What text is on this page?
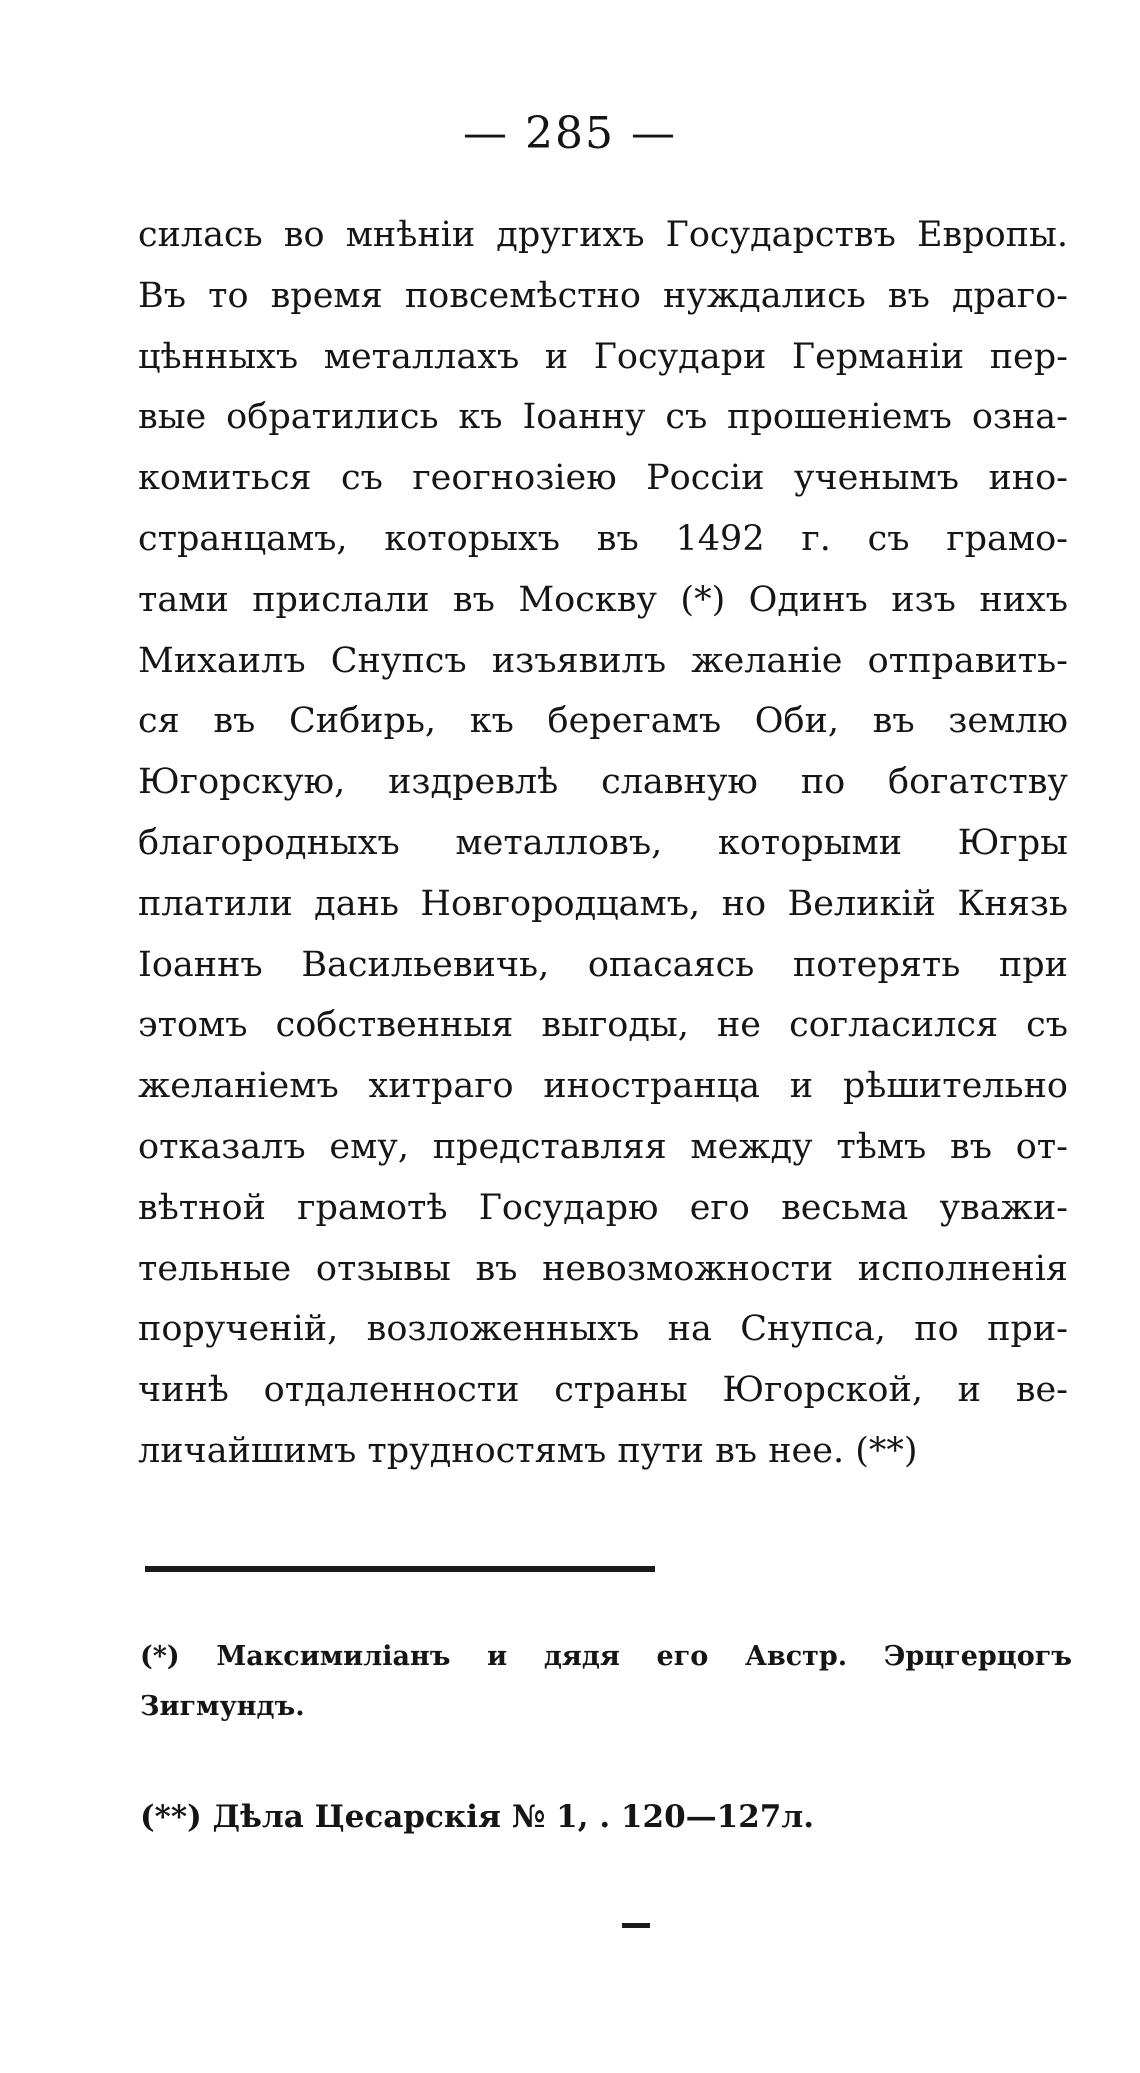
— 285 —
силась во мнѣніи другихъ Государствъ Европы.
Въ то время повсемѣстно нуждались въ драго-
цѣнныхъ металлахъ и Государи Германіи пер-
вые обратились къ Іоанну съ прошеніемъ озна-
комиться съ геогнозіею Россіи ученымъ ино-
странцамъ, которыхъ въ 1492 г. съ грамо-
тами прислали въ Москву (*) Одинъ изъ нихъ
Михаилъ Снупсъ изъявилъ желаніе отправить-
ся въ Сибирь, къ берегамъ Оби, въ землю
Югорскую, издревлѣ славную по богатству
благородныхъ металловъ, которыми Югры
платили дань Новгородцамъ, но Великій Князь
Іоаннъ Васильевичь, опасаясь потерять при
этомъ собственныя выгоды, не согласился съ
желаніемъ хитраго иностранца и рѣшительно
отказалъ ему, представляя между тѣмъ въ от-
вѣтной грамотѣ Государю его весьма уважи-
тельные отзывы въ невозможности исполненія
порученій, возложенныхъ на Снупса, по при-
чинѣ отдаленности страны Югорской, и ве-
личайшимъ трудностямъ пути въ нее. (**)
(*) Максимиліанъ и дядя его Австр. Эрцгерцогъ
Зигмундъ.
(**) Дѣла Цесарскія № 1, . 120—127л.
